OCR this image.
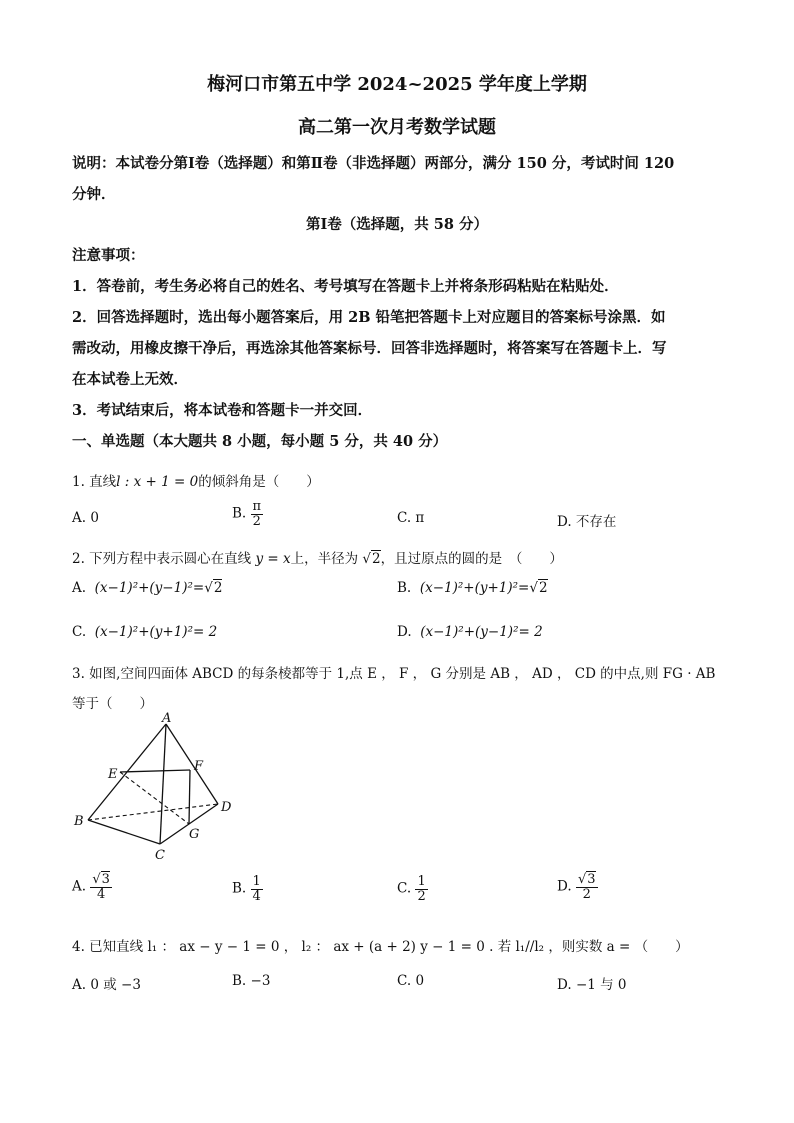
梅河口市第五中学 2024~2025 学年度上学期
高二第一次月考数学试题
说明：本试卷分第Ⅰ卷（选择题）和第Ⅱ卷（非选择题）两部分，满分 150 分，考试时间 120
分钟．
第Ⅰ卷（选择题，共 58 分）
注意事项：
1．答卷前，考生务必将自己的姓名、考号填写在答题卡上并将条形码粘贴在粘贴处．
2．回答选择题时，选出每小题答案后，用 2B 铅笔把答题卡上对应题目的答案标号涂黑．如
需改动，用橡皮擦干净后，再选涂其他答案标号．回答非选择题时，将答案写在答题卡上．写
在本试卷上无效．
3．考试结束后，将本试卷和答题卡一并交回．
一、单选题（本大题共 8 小题，每小题 5 分，共 40 分）
1. 直线l : x + 1 = 0的倾斜角是（　　）
A. 0	B. $\frac{\pi}{2}$	C. π	D. 不存在
2. 下列方程中表示圆心在直线 y = x上，半径为 √2，且过原点的圆的是　（　　）
A. (x−1)²+(y−1)²=√2	B. (x−1)²+(y+1)²=√2
C. (x−1)²+(y+1)²= 2	D. (x−1)²+(y−1)²= 2
3. 如图,空间四面体 ABCD 的每条棱都等于 1,点 E ， F ， G 分别是 AB ， AD ， CD 的中点,则 FG · AB
等于（　　）
A
B
C
D
E
F
G
A. $\frac{√3}{4}$	B. $\frac{1}{4}$	C. $\frac{1}{2}$	D. $\frac{√3}{2}$
4. 已知直线 l₁ ： ax − y − 1 = 0 ， l₂ ： ax + (a + 2) y − 1 = 0 . 若 l₁//l₂ ，则实数 a = （　　）
A. 0 或 −3	B. −3	C. 0	D. −1 与 0
